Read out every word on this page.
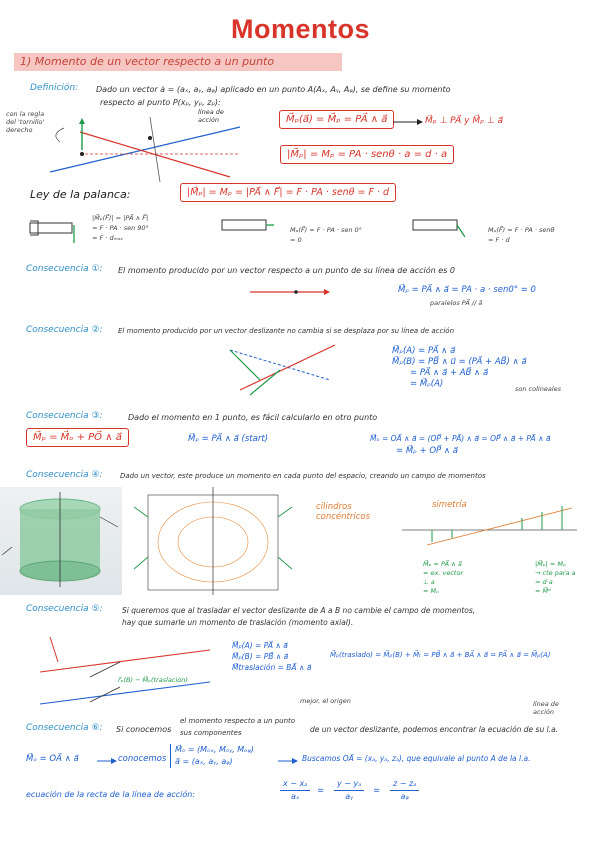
Momentos
1) Momento de un vector respecto a un punto
Definición: Dado un vector ȧ = (aₓ, aᵧ, aᵩ) aplicado en un punto A(Aₓ, Aᵧ, Aᵩ), se define su momento
respecto al punto P(xₚ, yₚ, zₚ):
con la regla del 'tornillo' derecho
línea de acción	M⃗ₚ(a⃗) = M⃗ₚ = PA⃗ ∧ a⃗	M⃗ₚ ⊥ PA⃗ y M⃗ₚ ⊥ a⃗
|M⃗ₚ| = Mₚ = PA · senθ · a = d · a
Ley de la palanca:	|M⃗ₚ| = Mₚ = |PA⃗ ∧ F⃗| = F · PA · senθ = F · d
|M⃗ₚ(F⃗)| = |PA⃗ ∧ F⃗|
= F · PA · sen 90°
= F · dₘₐₓ
Mₚ(F⃗) = F · PA · sen 0°
= 0
Mₚ(F⃗) = F · PA · senθ
= F · d
Consecuencia ①: El momento producido por un vector respecto a un punto de su línea de acción es 0
M⃗ₚ = PA⃗ ∧ a⃗ = PA · a · sen0° = 0
paralelos PA⃗ // a⃗
Consecuencia ②: El momento producido por un vector deslizante no cambia si se desplaza por su línea de acción
M⃗ₚ(A) = PA⃗ ∧ a⃗
M⃗ₚ(B) = PB⃗ ∧ u⃗ = (PA⃗ + AB⃗) ∧ a⃗
= PA⃗ ∧ a⃗ + AB⃗ ∧ a⃗
= M⃗ₚ(A)	son colineales
Consecuencia ③:	Dado el momento en 1 punto, es fácil calcularlo en otro punto
M⃗ₚ = M⃗ₒ + PO⃗ ∧ a⃗	M⃗ₚ = PA⃗ ∧ a⃗ (start)	M⃗ₒ = OA⃗ ∧ a⃗ = (OP⃗ + PA⃗) ∧ a⃗ = OP⃗ ∧ a⃗ + PA⃗ ∧ a⃗
= M⃗ₚ + OP⃗ ∧ a⃗
Consecuencia ④: Dado un vector, este produce un momento en cada punto del espacio, creando un campo de momentos
cilindros concéntricos
simetría
M⃗ₚ = PA⃗ ∧ a⃗
= ex. vector
⊥ a
= Mₚ
|M⃗ₚ| = Mₚ
→ cte para a
= d·a
= M⃗ᵈ
Consecuencia ⑤:	Si queremos que al trasladar el vector deslizante de A a B no cambie el campo de momentos,
hay que sumarle un momento de traslación (momento axial).
r⃗ₚ(B) − M⃗ₚ(traslación)
M⃗ₚ(A) = PA⃗ ∧ a⃗
M⃗ₚ(B) = PB⃗ ∧ a⃗
M⃗traslación = BA⃗ ∧ a⃗
M⃗ₚ(traslado) = M⃗ₚ(B) + M⃗ₜ = PB⃗ ∧ a⃗ + BA⃗ ∧ a⃗ = PA⃗ ∧ a⃗ = M⃗ₚ(A)
mejor, el origen	línea de acción
Consecuencia ⑥: Si conocemos
el momento respecto a un punto
sus componentes	de un vector deslizante, podemos encontrar la ecuación de su l.a.
M⃗ₒ = OA⃗ ∧ a⃗	conocemos
M⃗ₒ = (Mₒₓ, Mₒᵧ, Mₒᵩ)
a⃗ = (aₓ, aᵧ, aᵩ)	Buscamos OA⃗ = (xₐ, yₐ, zₐ), que equivale al punto A de la l.a.
ecuación de la recta de la línea de acción:	$\frac{\text{x − xₐ}}{\text{aₓ}} = \frac{\text{y − yₐ}}{\text{aᵧ}} = \frac{\text{z − zₐ}}{\text{aᵩ}}$
